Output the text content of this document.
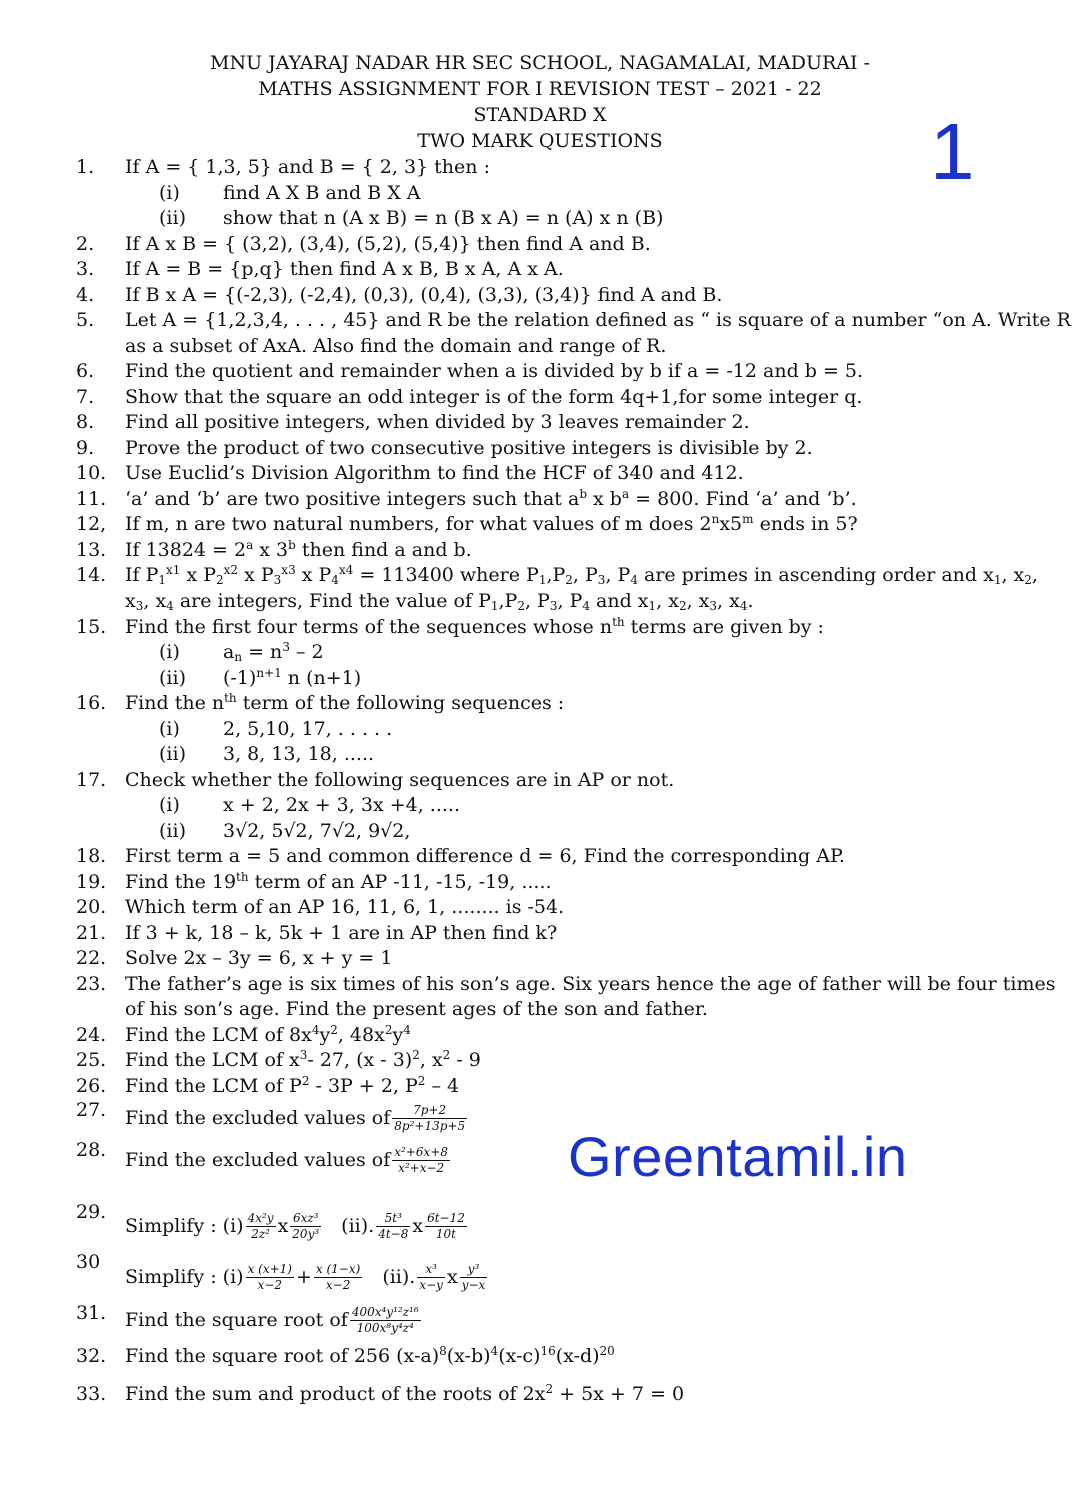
MNU JAYARAJ NADAR HR SEC SCHOOL, NAGAMALAI, MADURAI -
MATHS ASSIGNMENT FOR I REVISION TEST – 2021 - 22
STANDARD X
TWO MARK QUESTIONS	1
1. If A = { 1,3, 5} and B = { 2, 3} then :
(i) find A X B and B X A
(ii) show that n (A x B) = n (B x A) = n (A) x n (B)
2. If A x B = { (3,2), (3,4), (5,2), (5,4)} then find A and B.
3. If A = B = {p,q} then find A x B, B x A, A x A.
4. If B x A = {(-2,3), (-2,4), (0,3), (0,4), (3,3), (3,4)} find A and B.
5. Let A = {1,2,3,4, . . . , 45} and R be the relation defined as “ is square of a number “on A. Write R
as a subset of AxA. Also find the domain and range of R.
6. Find the quotient and remainder when a is divided by b if a = -12 and b = 5.
7. Show that the square an odd integer is of the form 4q+1,for some integer q.
8. Find all positive integers, when divided by 3 leaves remainder 2.
9. Prove the product of two consecutive positive integers is divisible by 2.
10. Use Euclid’s Division Algorithm to find the HCF of 340 and 412.
11. ‘a’ and ‘b’ are two positive integers such that $a^b$ x $b^a = 800$. Find ‘a’ and ‘b’.
12, If m, n are two natural numbers, for what values of m does 2$^n$x5$^m$ ends in 5?
13. If $13824 = 2^a$ x 3$^b$ then find a and b.
14. If $P_1^{x1}$ x $P_2^{x2}$ x $P_3^{x3}$ x $P_4^{x4} = 113400$ where $P_1,P_2$, $P_3$, $P_4$ are primes in ascending order and $x_1$, $x_2$,
$x_3$, $x_4$ are integers, Find the value of $P_1,P_2$, $P_3$, $P_4$ and $x_1$, $x_2$, $x_3$, $x_4$.
15. Find the first four terms of the sequences whose $n^{th}$ terms are given by :
(i) $a_n = n^3 - 2$
(ii) $(-1)^{n+1}$ n (n+1)
16. Find the $n^{th}$ term of the following sequences :
(i) 2, 5,10, 17, . . . . .
(ii) 3, 8, 13, 18, .....
17. Check whether the following sequences are in AP or not.
(i) x + 2, 2x + 3, 3x +4, .....
(ii) 3√2, 5√2, 7√2, 9√2,
18. First term a = 5 and common difference d = 6, Find the corresponding AP.
19. Find the 19th term of an AP -11, -15, -19, .....
20. Which term of an AP 16, 11, 6, 1, ........ is -54.
21. If 3 + k, 18 – k, 5k + 1 are in AP then find k?
22. Solve 2x – 3y = 6, x + y = 1
23. The father’s age is six times of his son’s age. Six years hence the age of father will be four times
of his son’s age. Find the present ages of the son and father.
24. Find the LCM of $8x^4y^2$, $48x^2y^4$
25. Find the LCM of $x^3-$ 27, (x - 3)$^2$, $x^2 - 9$
26. Find the LCM of $P^2 - 3P + 2$, $P^2 - 4$
27. Find the excluded values of $\frac{7p+2}{\text{8p²+13p+5}}$
28. Find the excluded values of $\frac{\text{x²+6x+8}}{\text{x²+x−2}}$ Greentamil.in
29.
Simplify : $(i) \frac{\text{4x²y}}{\text{2z²}}$ x $\frac{\text{6xz³}}{\text{20y³}} (ii)$. $\frac{\text{5t³}}{4t-8}$ x $\frac{6t-12}{10t}$
30
Simplify : $(i) \frac{x (x+1)}{x-2} + \frac{x (1-x)}{x-2} (ii)$. $\frac{\text{x³}}{x-y}$ x $\frac{\text{y³}}{y-x}$
31. Find the square root of $\frac{\text{400x⁴y¹²z¹⁶}}{\text{100x⁸y⁴z⁴}}$
32. Find the square root of 256 $(x-a)^8(x-b)^4(x-c)^{16}(x-d)^{20}$
33. Find the sum and product of the roots of $2x^2 + 5x + 7 = 0$
